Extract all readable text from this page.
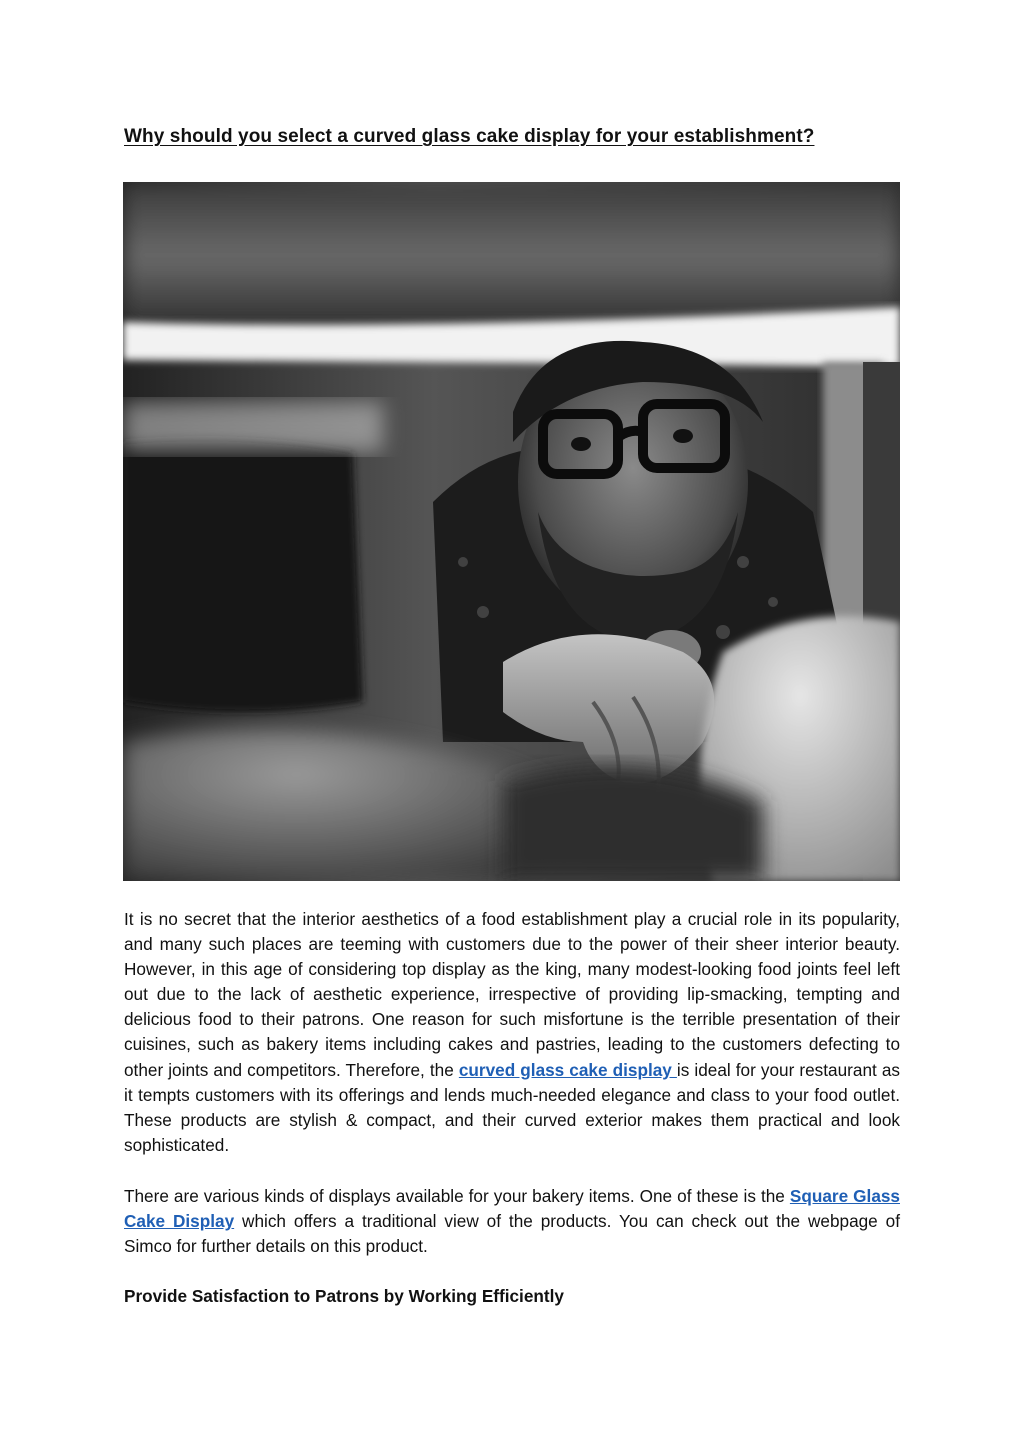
Why should you select a curved glass cake display for your establishment?

It is no secret that the interior aesthetics of a food establishment play a crucial role in its popularity, and many such places are teeming with customers due to the power of their sheer interior beauty. However, in this age of considering top display as the king, many modest-looking food joints feel left out due to the lack of aesthetic experience, irrespective of providing lip-smacking, tempting and delicious food to their patrons. One reason for such misfortune is the terrible presentation of their cuisines, such as bakery items including cakes and pastries, leading to the customers defecting to other joints and competitors. Therefore, the curved glass cake display is ideal for your restaurant as it tempts customers with its offerings and lends much-needed elegance and class to your food outlet. These products are stylish & compact, and their curved exterior makes them practical and look sophisticated.

There are various kinds of displays available for your bakery items. One of these is the Square Glass Cake Display which offers a traditional view of the products. You can check out the webpage of Simco for further details on this product.

Provide Satisfaction to Patrons by Working Efficiently
